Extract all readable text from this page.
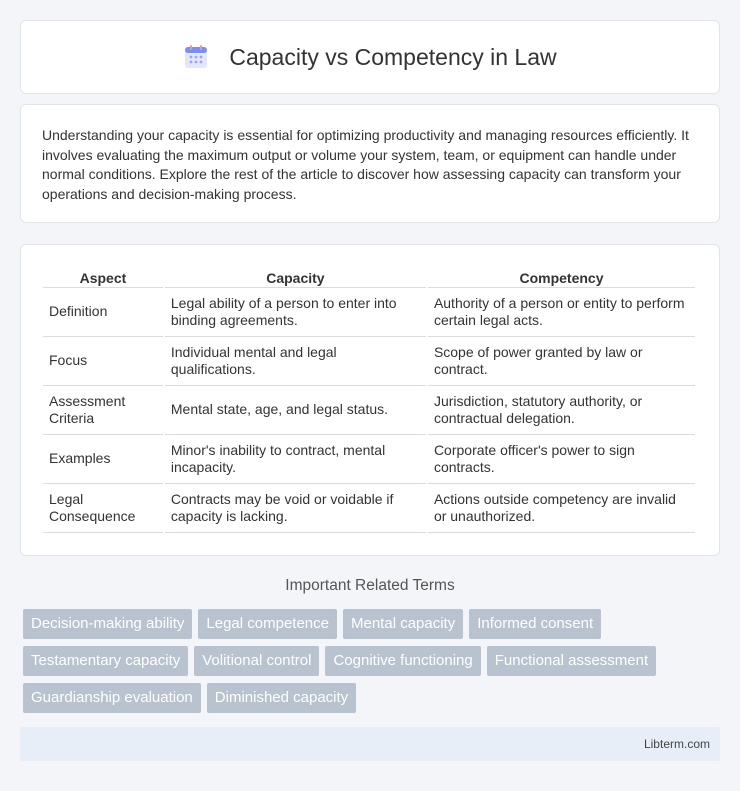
Capacity vs Competency in Law

Understanding your capacity is essential for optimizing productivity and managing resources efficiently. It involves evaluating the maximum output or volume your system, team, or equipment can handle under normal conditions. Explore the rest of the article to discover how assessing capacity can transform your operations and decision-making process.

Aspect	Capacity	Competency
Definition	Legal ability of a person to enter into binding agreements.	Authority of a person or entity to perform certain legal acts.
Focus	Individual mental and legal qualifications.	Scope of power granted by law or contract.
Assessment Criteria	Mental state, age, and legal status.	Jurisdiction, statutory authority, or contractual delegation.
Examples	Minor's inability to contract, mental incapacity.	Corporate officer's power to sign contracts.
Legal Consequence	Contracts may be void or voidable if capacity is lacking.	Actions outside competency are invalid or unauthorized.
Important Related Terms
Decision-making ability	Legal competence	Mental capacity	Informed consent
Testamentary capacity	Volitional control	Cognitive functioning	Functional assessment
Guardianship evaluation	Diminished capacity
Libterm.com
